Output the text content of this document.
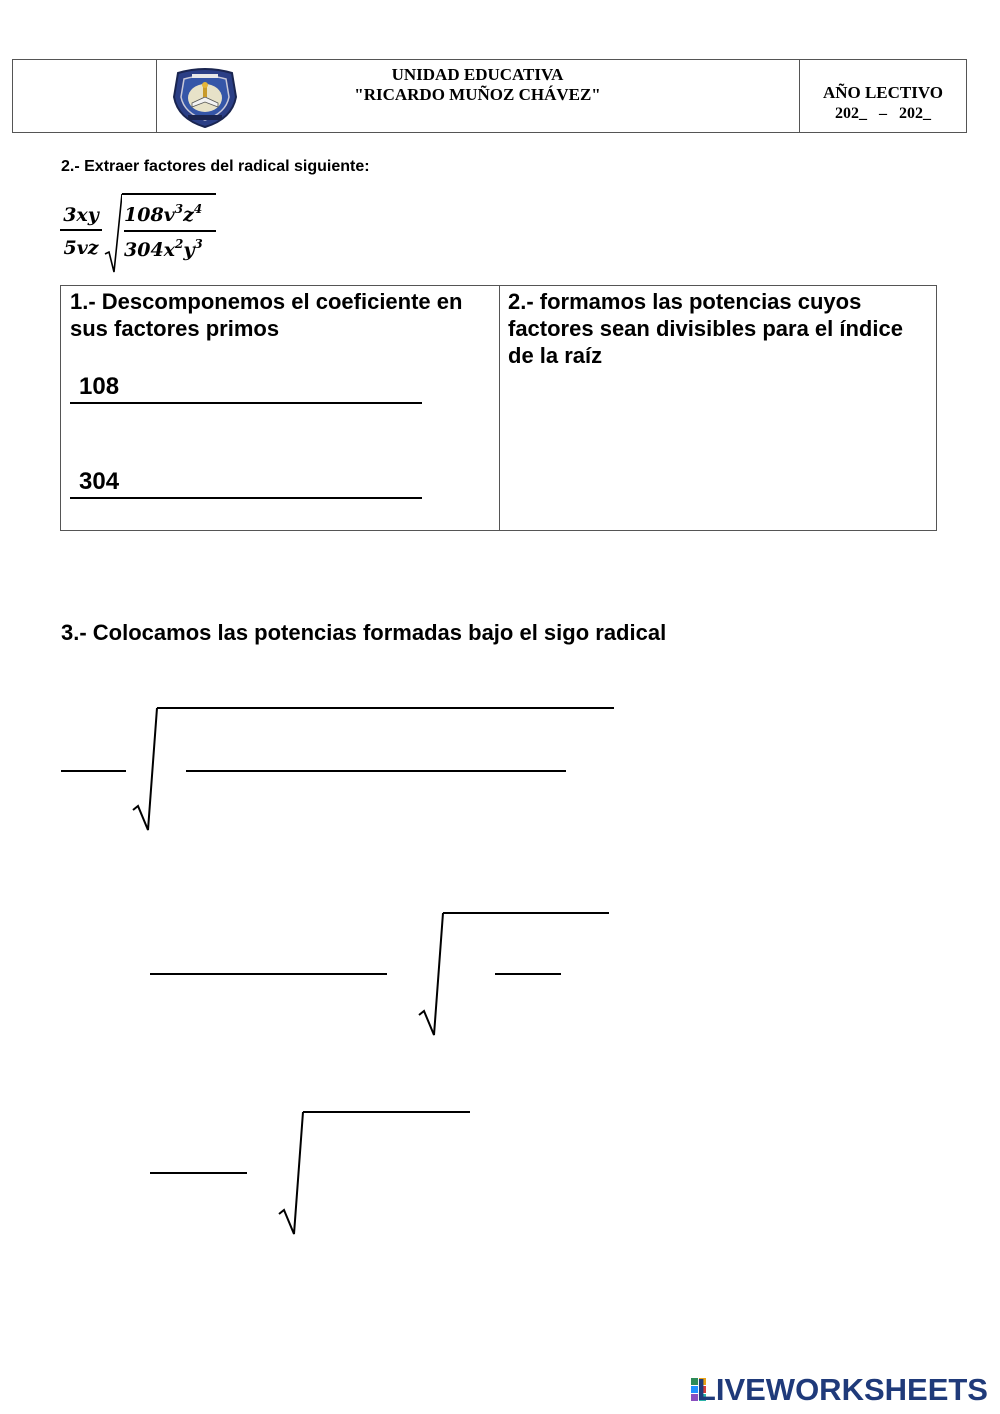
UNIDAD EDUCATIVA
"RICARDO MUÑOZ CHÁVEZ"	AÑO LECTIVO
202_   –   202_
2.- Extraer factores del radical siguiente:
3xy
5vz
$108v^3z^4$
$304x^2y^3$
1.- Descomponemos el coeficiente en sus factores primos
108
304
2.- formamos las potencias cuyos factores sean divisibles para el índice de la raíz
3.- Colocamos las potencias formadas bajo el sigo radical
LIVEWORKSHEETS
